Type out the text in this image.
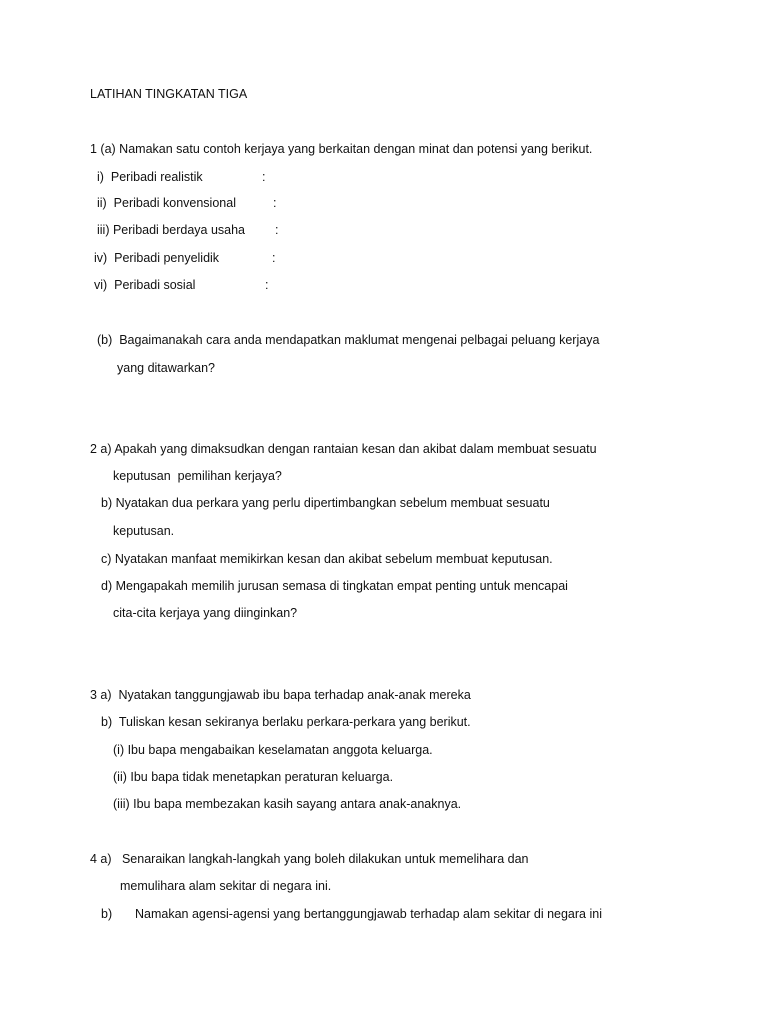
LATIHAN TINGKATAN TIGA
1 (a) Namakan satu contoh kerjaya yang berkaitan dengan minat dan potensi yang berikut.
i)  Peribadi realistik	:
ii)  Peribadi konvensional	:
iii) Peribadi berdaya usaha :
iv)  Peribadi penyelidik	:
vi)  Peribadi sosial	:
(b)  Bagaimanakah cara anda mendapatkan maklumat mengenai pelbagai peluang kerjaya
yang ditawarkan?
2 a) Apakah yang dimaksudkan dengan rantaian kesan dan akibat dalam membuat sesuatu
keputusan  pemilihan kerjaya?
b) Nyatakan dua perkara yang perlu dipertimbangkan sebelum membuat sesuatu
keputusan.
c) Nyatakan manfaat memikirkan kesan dan akibat sebelum membuat keputusan.
d) Mengapakah memilih jurusan semasa di tingkatan empat penting untuk mencapai
cita-cita kerjaya yang diinginkan?
3 a)  Nyatakan tanggungjawab ibu bapa terhadap anak-anak mereka
b)  Tuliskan kesan sekiranya berlaku perkara-perkara yang berikut.
(i) Ibu bapa mengabaikan keselamatan anggota keluarga.
(ii) Ibu bapa tidak menetapkan peraturan keluarga.
(iii) Ibu bapa membezakan kasih sayang antara anak-anaknya.
4 a)   Senaraikan langkah-langkah yang boleh dilakukan untuk memelihara dan
memulihara alam sekitar di negara ini.
b) Namakan agensi-agensi yang bertanggungjawab terhadap alam sekitar di negara ini
